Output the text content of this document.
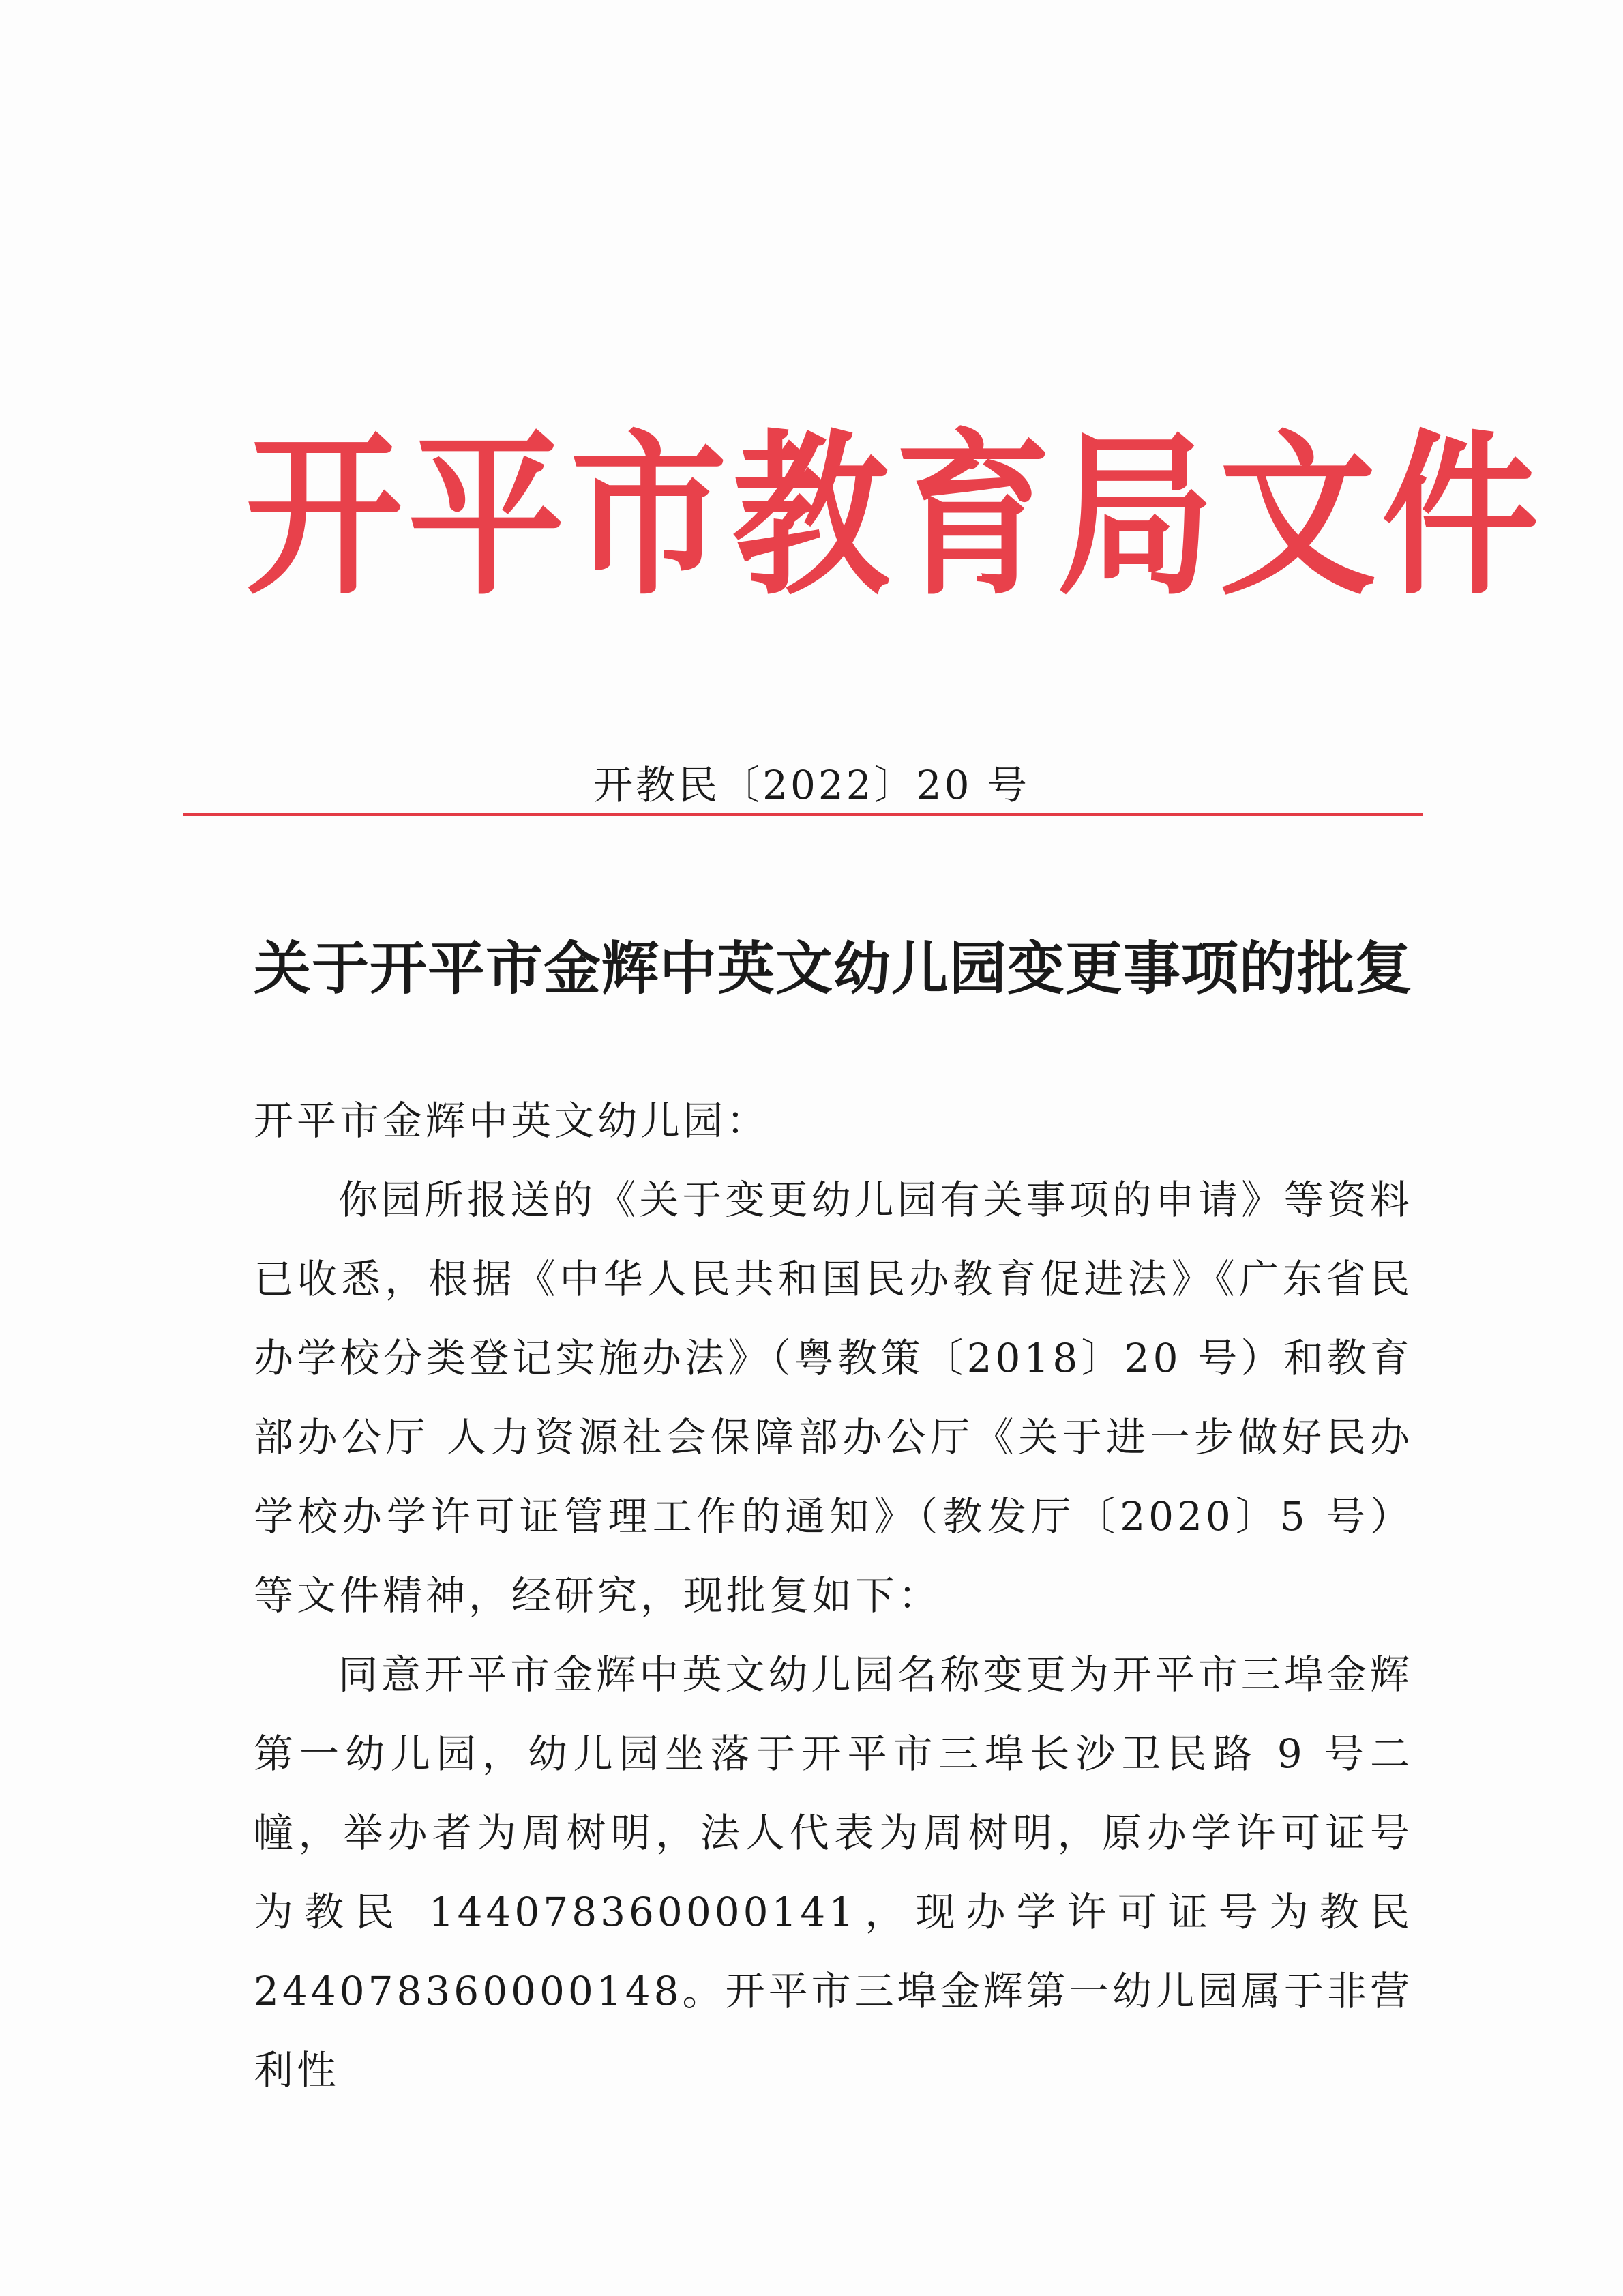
开平市教育局文件
开教民〔2022〕20 号
关于开平市金辉中英文幼儿园变更事项的批复

开平市金辉中英文幼儿园：

你园所报送的《关于变更幼儿园有关事项的申请》等资料已收悉，根据《中华人民共和国民办教育促进法》《广东省民办学校分类登记实施办法》（粤教策〔2018〕20 号）和教育部办公厅 人力资源社会保障部办公厅《关于进一步做好民办学校办学许可证管理工作的通知》（教发厅〔2020〕5 号）等文件精神，经研究，现批复如下：

同意开平市金辉中英文幼儿园名称变更为开平市三埠金辉第一幼儿园，幼儿园坐落于开平市三埠长沙卫民路 9 号二幢，举办者为周树明，法人代表为周树明，原办学许可证号为教民 144078360000141，现办学许可证号为教民 244078360000148。开平市三埠金辉第一幼儿园属于非营利性
